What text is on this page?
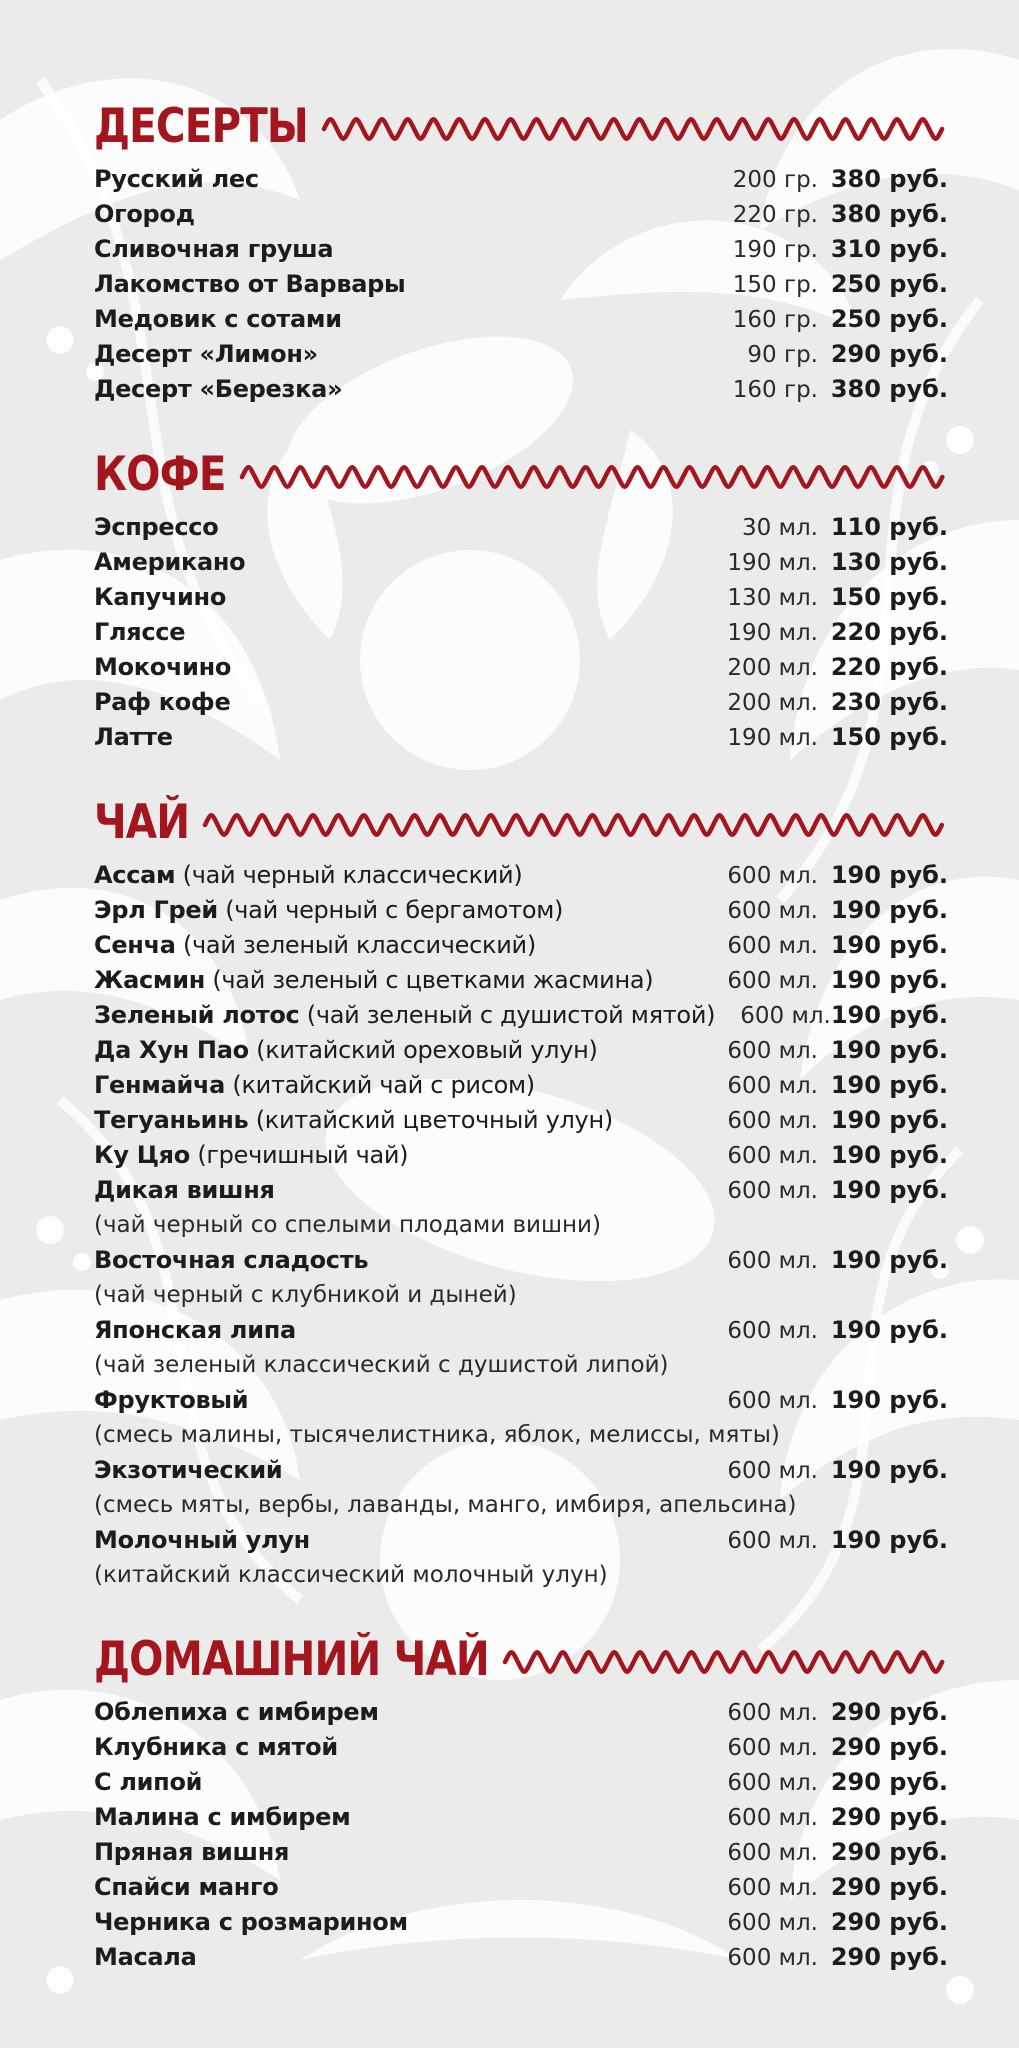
ДЕСЕРТЫ
Русский лес	200 гр. 380 руб.
Огород	220 гр. 380 руб.
Сливочная груша	190 гр. 310 руб.
Лакомство от Варвары	150 гр. 250 руб.
Медовик с сотами	160 гр. 250 руб.
Десерт «Лимон»	90 гр. 290 руб.
Десерт «Березка»	160 гр. 380 руб.
КОФЕ
Эспрессо	30 мл. 110 руб.
Американо	190 мл. 130 руб.
Капучино	130 мл. 150 руб.
Гляссе	190 мл. 220 руб.
Мокочино	200 мл. 220 руб.
Раф кофе	200 мл. 230 руб.
Латте	190 мл. 150 руб.
ЧАЙ
Ассам (чай черный классический)	600 мл. 190 руб.
Эрл Грей (чай черный с бергамотом)	600 мл. 190 руб.
Сенча (чай зеленый классический)	600 мл. 190 руб.
Жасмин (чай зеленый с цветками жасмина)	600 мл. 190 руб.
Зеленый лотос (чай зеленый с душистой мятой)	600 мл. 190 руб.
Да Хун Пао (китайский ореховый улун)	600 мл. 190 руб.
Генмайча (китайский чай с рисом)	600 мл. 190 руб.
Тегуаньинь (китайский цветочный улун)	600 мл. 190 руб.
Ку Цяо (гречишный чай)	600 мл. 190 руб.
Дикая вишня	600 мл. 190 руб.
(чай черный со спелыми плодами вишни)
Восточная сладость	600 мл. 190 руб.
(чай черный с клубникой и дыней)
Японская липа	600 мл. 190 руб.
(чай зеленый классический с душистой липой)
Фруктовый	600 мл. 190 руб.
(смесь малины, тысячелистника, яблок, мелиссы, мяты)
Экзотический	600 мл. 190 руб.
(смесь мяты, вербы, лаванды, манго, имбиря, апельсина)
Молочный улун	600 мл. 190 руб.
(китайский классический молочный улун)
ДОМАШНИЙ ЧАЙ
Облепиха с имбирем	600 мл. 290 руб.
Клубника с мятой	600 мл. 290 руб.
С липой	600 мл. 290 руб.
Малина с имбирем	600 мл. 290 руб.
Пряная вишня	600 мл. 290 руб.
Спайси манго	600 мл. 290 руб.
Черника с розмарином	600 мл. 290 руб.
Масала	600 мл. 290 руб.
